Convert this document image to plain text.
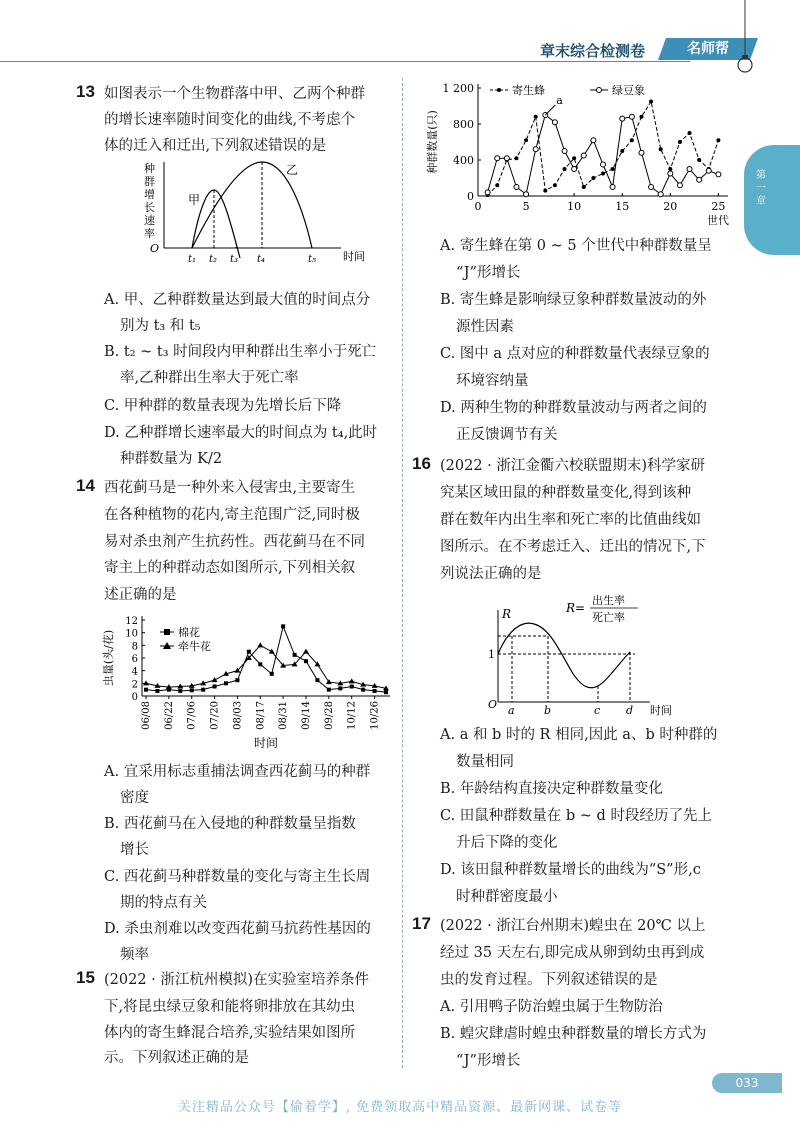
章末综合检测卷	名师帮
第一章
13 如图表示一个生物群落中甲、乙两个种群
的增长速率随时间变化的曲线,不考虑个
体的迁入和迁出,下列叙述错误的是
种
群
增
长
速
率
O
时间
甲
乙
t₁ t₂ t₃ t₄	t₅
A. 甲、乙种群数量达到最大值的时间点分
别为 t₃ 和 t₅
B. t₂ ~ t₃ 时间段内甲种群出生率小于死亡
率,乙种群出生率大于死亡率
C. 甲种群的数量表现为先增长后下降
D. 乙种群增长速率最大的时间点为 t₄,此时
种群数量为 K/2
14 西花蓟马是一种外来入侵害虫,主要寄生
在各种植物的花内,寄主范围广泛,同时极
易对杀虫剂产生抗药性。西花蓟马在不同
寄主上的种群动态如图所示,下列相关叙
述正确的是
0
2
4
6
8
10
12
虫量(头/花)
06/08 06/22 07/06 07/20 08/03 08/17 08/31 09/14 09/28 10/12 10/26
时间
棉花
牵牛花
A. 宜采用标志重捕法调查西花蓟马的种群
密度
B. 西花蓟马在入侵地的种群数量呈指数
增长
C. 西花蓟马种群数量的变化与寄主生长周
期的特点有关
D. 杀虫剂难以改变西花蓟马抗药性基因的
频率
15 (2022 · 浙江杭州模拟)在实验室培养条件
下,将昆虫绿豆象和能将卵排放在其幼虫
体内的寄生蜂混合培养,实验结果如图所
示。下列叙述正确的是
0
400
800
1 200
0	5	10	15	20	25
世代
种群数量(只)
寄生蜂	绿豆象
a
A. 寄生蜂在第 0 ~ 5 个世代中种群数量呈
“J”形增长
B. 寄生蜂是影响绿豆象种群数量波动的外
源性因素
C. 图中 a 点对应的种群数量代表绿豆象的
环境容纳量
D. 两种生物的种群数量波动与两者之间的
正反馈调节有关
16 (2022 · 浙江金衢六校联盟期末)科学家研
究某区域田鼠的种群数量变化,得到该种
群在数年内出生率和死亡率的比值曲线如
图所示。在不考虑迁入、迁出的情况下,下
列说法正确的是
R=
出生率
死亡率
R
O	时间
1
a	b	c d
A. a 和 b 时的 R 相同,因此 a、b 时种群的
数量相同
B. 年龄结构直接决定种群数量变化
C. 田鼠种群数量在 b ~ d 时段经历了先上
升后下降的变化
D. 该田鼠种群数量增长的曲线为“S”形,c
时种群密度最小
17 (2022 · 浙江台州期末)蝗虫在 20℃ 以上
经过 35 天左右,即完成从卵到幼虫再到成
虫的发育过程。下列叙述错误的是
A. 引用鸭子防治蝗虫属于生物防治
B. 蝗灾肆虐时蝗虫种群数量的增长方式为
“J”形增长
033
关注精品公众号【偷着学】, 免费领取高中精品资源、最新网课、试卷等
